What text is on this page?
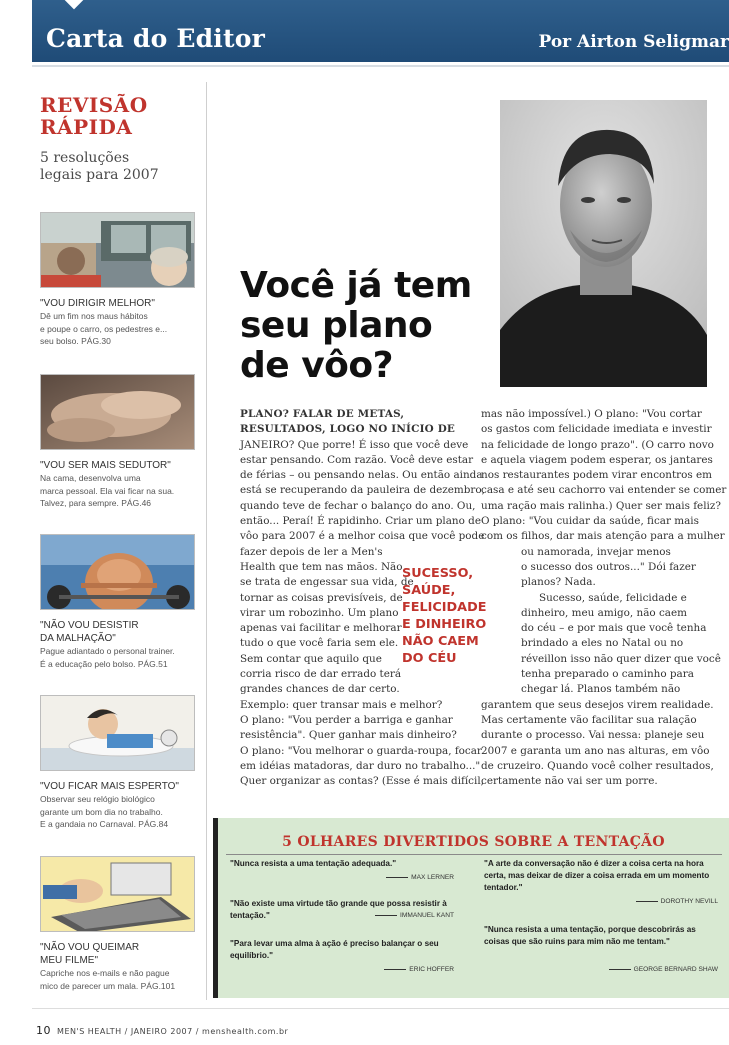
Carta do Editor	Por Airton Seligmar
REVISÃO
RÁPIDA
5 resoluções
legais para 2007
"VOU DIRIGIR MELHOR"
Dê um fim nos maus hábitos
e poupe o carro, os pedestres e...
seu bolso. PÁG.30
"VOU SER MAIS SEDUTOR"
Na cama, desenvolva uma
marca pessoal. Ela vai ficar na sua.
Talvez, para sempre. PÁG.46
"NÃO VOU DESISTIR
DA MALHAÇÃO"
Pague adiantado o personal trainer.
É a educação pelo bolso. PÁG.51
"VOU FICAR MAIS ESPERTO"
Observar seu relógio biológico
garante um bom dia no trabalho.
E a gandaia no Carnaval. PÁG.84
"NÃO VOU QUEIMAR
MEU FILME"
Capriche nos e-mails e não pague
mico de parecer um mala. PÁG.101
Você já tem
seu plano
de vôo?
PLANO? FALAR DE METAS,
RESULTADOS, LOGO NO INÍCIO DE
JANEIRO? Que porre! É isso que você deve
estar pensando. Com razão. Você deve estar
de férias – ou pensando nelas. Ou então ainda
está se recuperando da pauleira de dezembro,
quando teve de fechar o balanço do ano. Ou,
então... Peraí! É rapidinho. Criar um plano de
vôo para 2007 é a melhor coisa que você pode
fazer depois de ler a Men's
Health que tem nas mãos. Não
se trata de engessar sua vida, de
tornar as coisas previsíveis, de
virar um robozinho. Um plano
apenas vai facilitar e melhorar
tudo o que você faria sem ele.
Sem contar que aquilo que
corria risco de dar errado terá
grandes chances de dar certo.
Exemplo: quer transar mais e melhor?
O plano: "Vou perder a barriga e ganhar
resistência". Quer ganhar mais dinheiro?
O plano: "Vou melhorar o guarda-roupa, focar
em idéias matadoras, dar duro no trabalho..."
Quer organizar as contas? (Esse é mais difícil,
SUCESSO,
SAÚDE,
FELICIDADE
E DINHEIRO
NÃO CAEM
DO CÉU
mas não impossível.) O plano: "Vou cortar
os gastos com felicidade imediata e investir
na felicidade de longo prazo". (O carro novo
e aquela viagem podem esperar, os jantares
nos restaurantes podem virar encontros em
casa e até seu cachorro vai entender se comer
uma ração mais ralinha.) Quer ser mais feliz?
O plano: "Vou cuidar da saúde, ficar mais
com os filhos, dar mais atenção para a mulher
ou namorada, invejar menos
o sucesso dos outros..." Dói fazer
planos? Nada.
Sucesso, saúde, felicidade e
dinheiro, meu amigo, não caem
do céu – e por mais que você tenha
brindado a eles no Natal ou no
réveillon isso não quer dizer que você
tenha preparado o caminho para
chegar lá. Planos também não
garantem que seus desejos virem realidade.
Mas certamente vão facilitar sua ralação
durante o processo. Vai nessa: planeje seu
2007 e garanta um ano nas alturas, em vôo
de cruzeiro. Quando você colher resultados,
certamente não vai ser um porre.
5 OLHARES DIVERTIDOS SOBRE A TENTAÇÃO
"Nunca resista a uma tentação adequada."
MAX LERNER
"Não existe uma virtude tão grande que possa resistir à tentação."	IMMANUEL KANT
"Para levar uma alma à ação é preciso balançar o seu equilíbrio."
ERIC HOFFER
"A arte da conversação não é dizer a coisa certa na hora certa, mas deixar de dizer a coisa errada em um momento tentador."
DOROTHY NEVILL
"Nunca resista a uma tentação, porque descobrirás as coisas que são ruins para mim não me tentam."
GEORGE BERNARD SHAW
10 MEN'S HEALTH / JANEIRO 2007 / menshealth.com.br
